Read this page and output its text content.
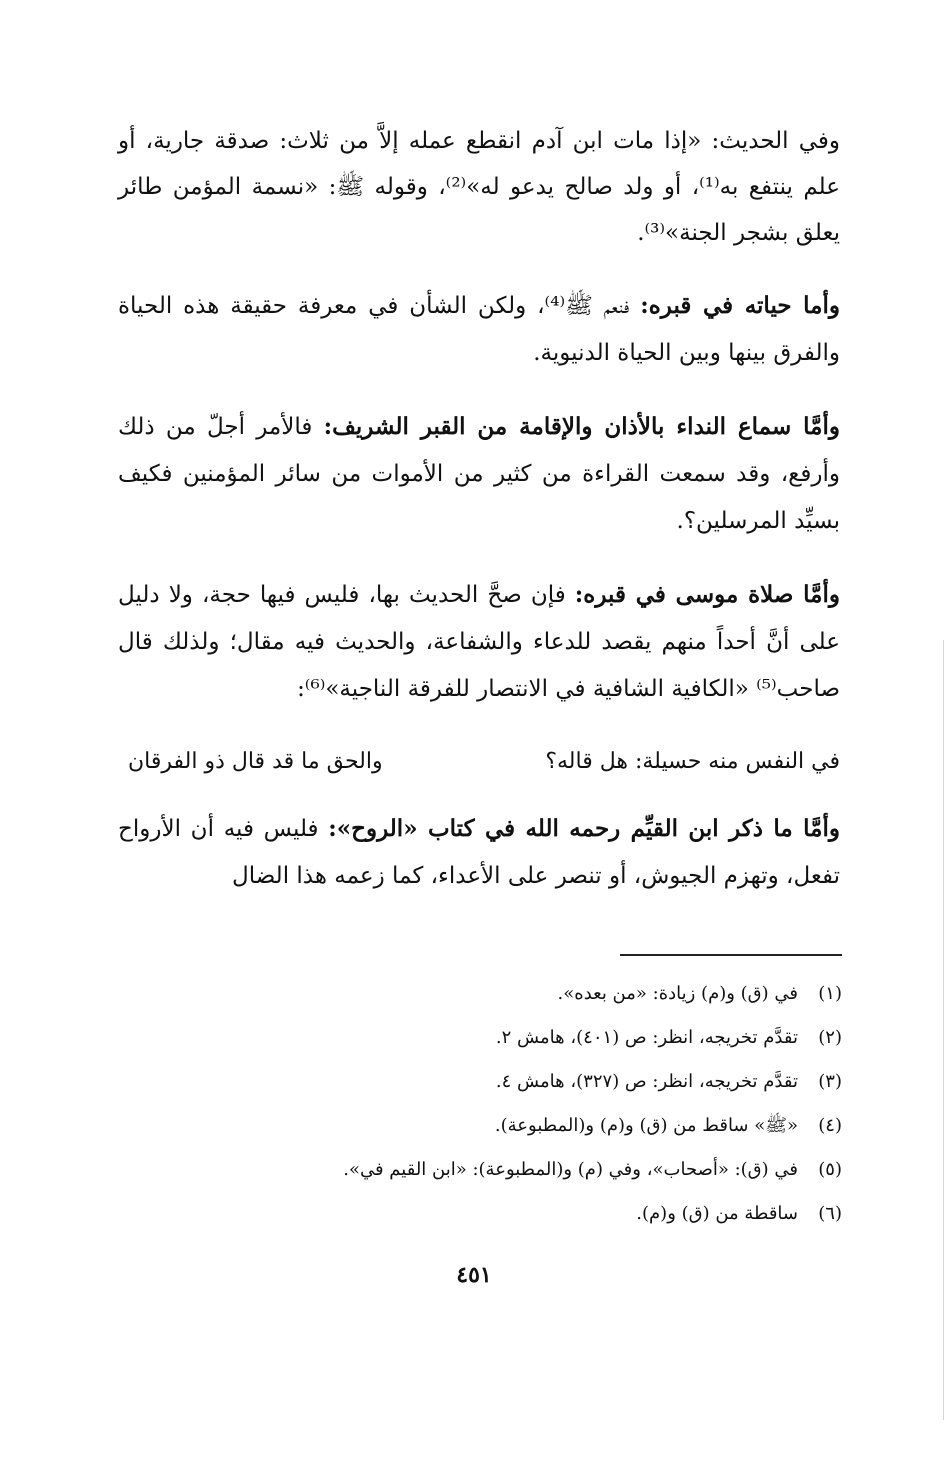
وفي الحديث: «إذا مات ابن آدم انقطع عمله إلاَّ من ثلاث: صدقة جارية، أو علم ينتفع به⁽¹⁾، أو ولد صالح يدعو له»⁽²⁾، وقوله ﷺ: «نسمة المؤمن طائر يعلق بشجر الجنة»⁽³⁾.

وأما حياته في قبره: فنعم ﷺ⁽⁴⁾، ولكن الشأن في معرفة حقيقة هذه الحياة والفرق بينها وبين الحياة الدنيوية.

وأمَّا سماع النداء بالأذان والإقامة من القبر الشريف: فالأمر أجلّ من ذلك وأرفع، وقد سمعت القراءة من كثير من الأموات من سائر المؤمنين فكيف بسيِّد المرسلين؟.

وأمَّا صلاة موسى في قبره: فإن صحَّ الحديث بها، فليس فيها حجة، ولا دليل على أنَّ أحداً منهم يقصد للدعاء والشفاعة، والحديث فيه مقال؛ ولذلك قال صاحب⁽⁵⁾ «الكافية الشافية في الانتصار للفرقة الناجية»⁽⁶⁾:

في النفس منه حسيلة: هل قاله؟
والحق ما قد قال ذو الفرقان

وأمَّا ما ذكر ابن القيِّم رحمه الله في كتاب «الروح»: فليس فيه أن الأرواح تفعل، وتهزم الجيوش، أو تنصر على الأعداء، كما زعمه هذا الضال

(١)
في (ق) و(م) زيادة: «من بعده».
(٢)
تقدَّم تخريجه، انظر: ص (٤٠١)، هامش ٢.
(٣)
تقدَّم تخريجه، انظر: ص (٣٢٧)، هامش ٤.
(٤)
«ﷺ» ساقط من (ق) و(م) و(المطبوعة).
(٥)
في (ق): «أصحاب»، وفي (م) و(المطبوعة): «ابن القيم في».
(٦)
ساقطة من (ق) و(م).
٤٥١
